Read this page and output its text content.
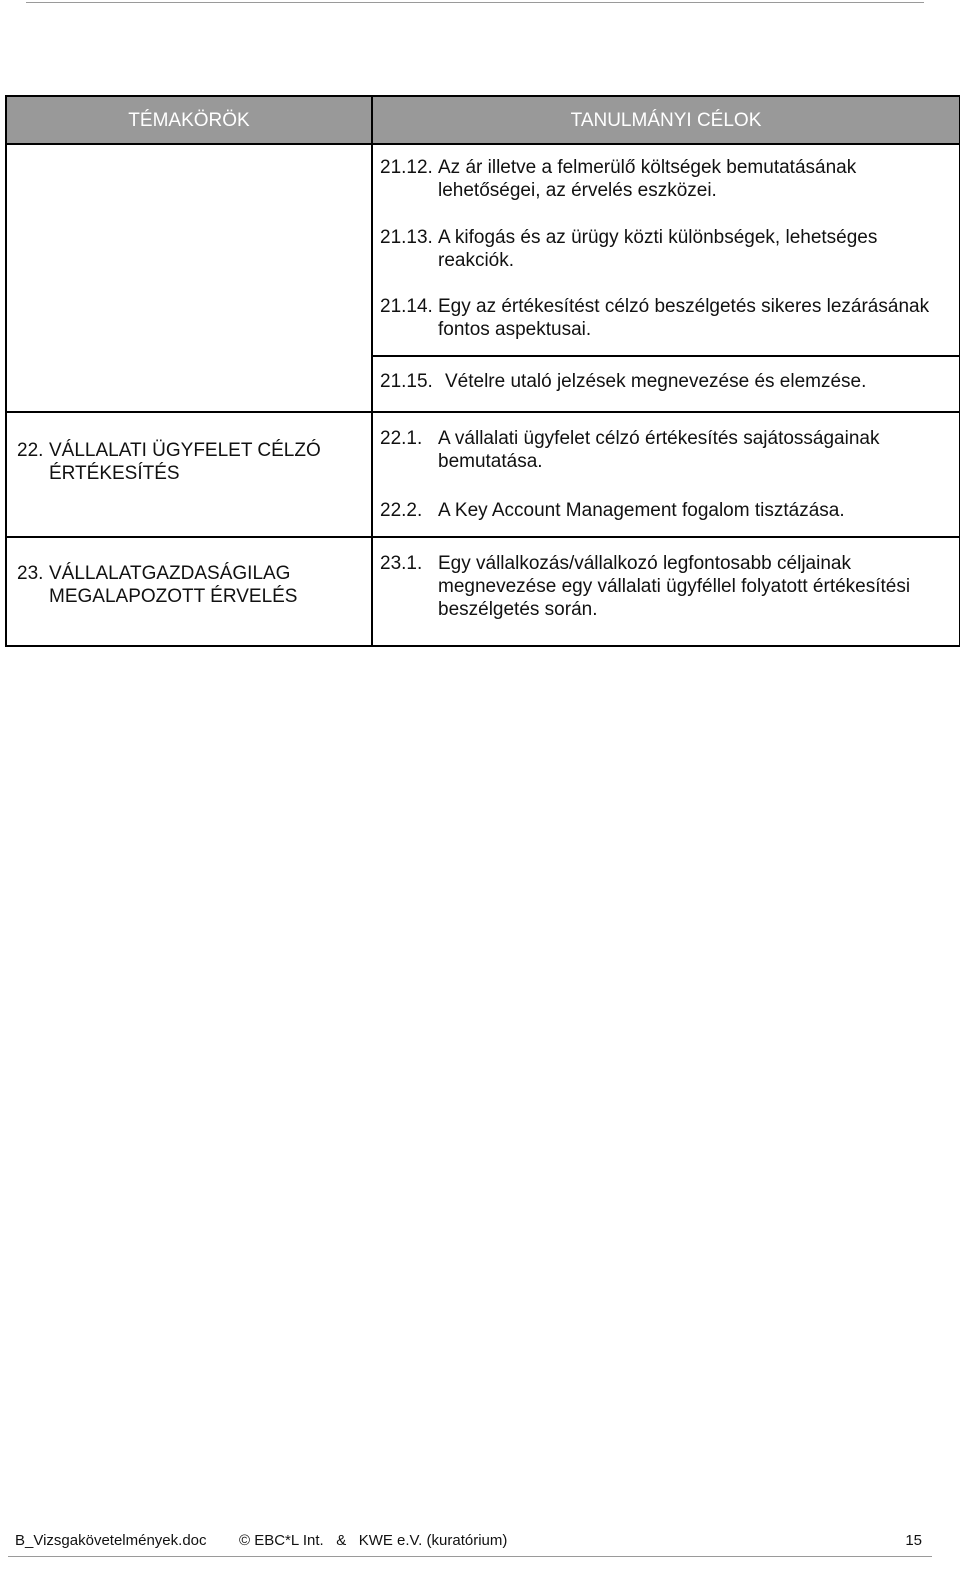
TÉMAKÖRÖK	TANULMÁNYI CÉLOK

	21.12. Az ár illetve a felmerülő költségek bemutatásának lehetőségei, az érvelés eszközei.

	21.13. A kifogás és az ürügy közti különbségek, lehetséges reakciók.

	21.14. Egy az értékesítést célzó beszélgetés sikeres lezárásának fontos aspektusai.

	21.15. Vételre utaló jelzések megnevezése és elemzése.

22. VÁLLALATI ÜGYFELET CÉLZÓ ÉRTÉKESÍTÉS	22.1. A vállalati ügyfelet célzó értékesítés sajátosságainak bemutatása.

	22.2. A Key Account Management fogalom tisztázása.

23. VÁLLALATGAZDASÁGILAG MEGALAPOZOTT ÉRVELÉS	23.1. Egy vállalkozás/vállalkozó legfontosabb céljainak megnevezése egy vállalati ügyféllel folyatott értékesítési beszélgetés során.
B_Vizsgakövetelmények.doc © EBC*L Int.   &   KWE e.V. (kuratórium)	15
